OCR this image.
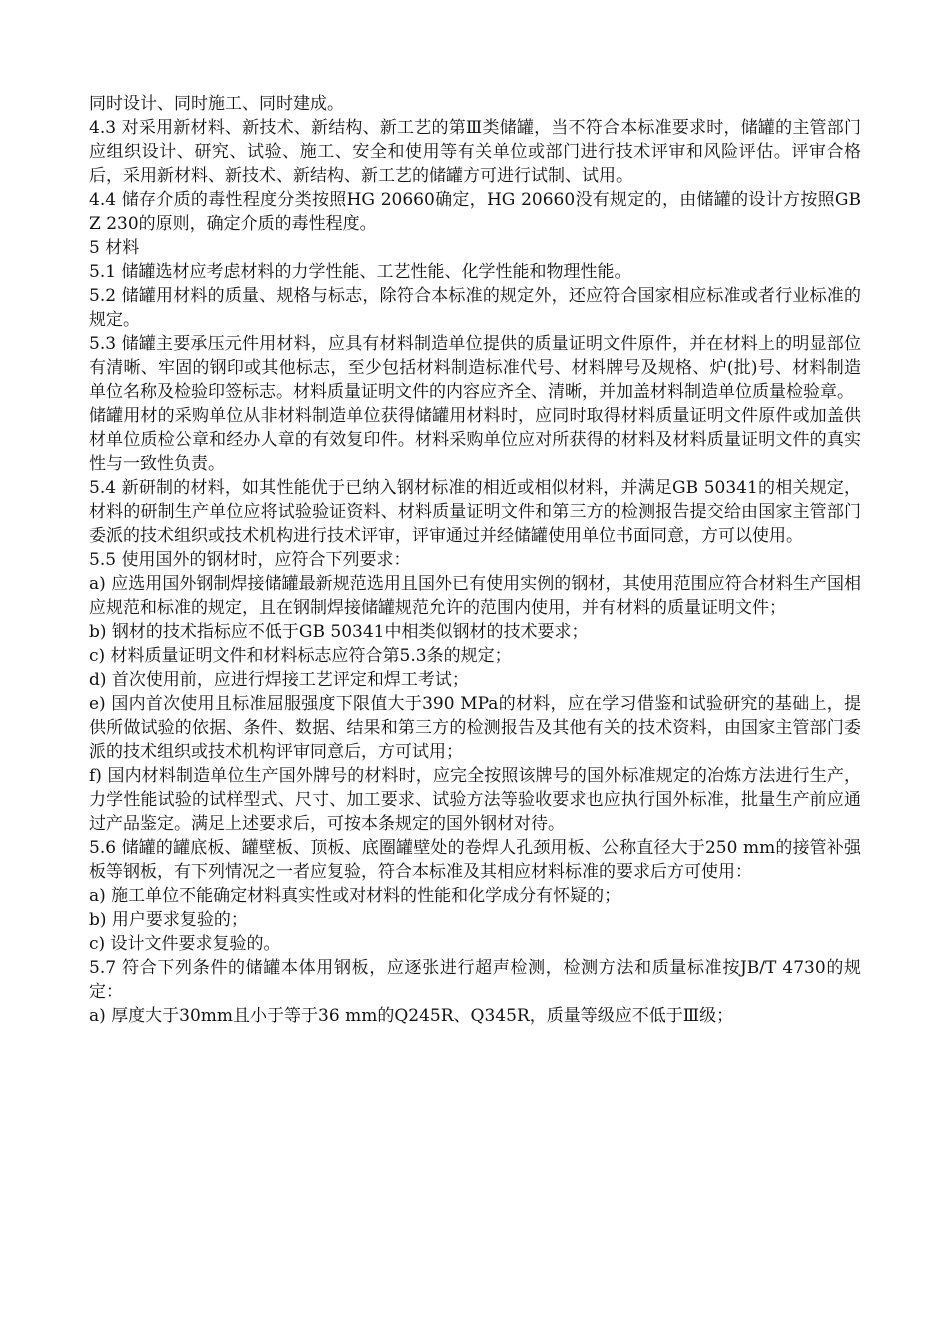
同时设计、同时施工、同时建成。

4.3 对采用新材料、新技术、新结构、新工艺的第Ⅲ类储罐，当不符合本标准要求时，储罐的主管部门应组织设计、研究、试验、施工、安全和使用等有关单位或部门进行技术评审和风险评估。评审合格后，采用新材料、新技术、新结构、新工艺的储罐方可进行试制、试用。

4.4 储存介质的毒性程度分类按照HG 20660确定，HG 20660没有规定的，由储罐的设计方按照GBZ 230的原则，确定介质的毒性程度。

5 材料

5.1 储罐选材应考虑材料的力学性能、工艺性能、化学性能和物理性能。

5.2 储罐用材料的质量、规格与标志，除符合本标准的规定外，还应符合国家相应标准或者行业标准的规定。

5.3 储罐主要承压元件用材料，应具有材料制造单位提供的质量证明文件原件，并在材料上的明显部位有清晰、牢固的钢印或其他标志，至少包括材料制造标准代号、材料牌号及规格、炉(批)号、材料制造单位名称及检验印签标志。材料质量证明文件的内容应齐全、清晰，并加盖材料制造单位质量检验章。

储罐用材的采购单位从非材料制造单位获得储罐用材料时，应同时取得材料质量证明文件原件或加盖供材单位质检公章和经办人章的有效复印件。材料采购单位应对所获得的材料及材料质量证明文件的真实性与一致性负责。

5.4 新研制的材料，如其性能优于已纳入钢材标准的相近或相似材料，并满足GB 50341的相关规定，材料的研制生产单位应将试验验证资料、材料质量证明文件和第三方的检测报告提交给由国家主管部门委派的技术组织或技术机构进行技术评审，评审通过并经储罐使用单位书面同意，方可以使用。

5.5 使用国外的钢材时，应符合下列要求：

a) 应选用国外钢制焊接储罐最新规范选用且国外已有使用实例的钢材，其使用范围应符合材料生产国相应规范和标准的规定，且在钢制焊接储罐规范允许的范围内使用，并有材料的质量证明文件；

b) 钢材的技术指标应不低于GB 50341中相类似钢材的技术要求；

c) 材料质量证明文件和材料标志应符合第5.3条的规定；

d) 首次使用前，应进行焊接工艺评定和焊工考试；

e) 国内首次使用且标准屈服强度下限值大于390 MPa的材料，应在学习借鉴和试验研究的基础上，提供所做试验的依据、条件、数据、结果和第三方的检测报告及其他有关的技术资料，由国家主管部门委派的技术组织或技术机构评审同意后，方可试用；

f) 国内材料制造单位生产国外牌号的材料时，应完全按照该牌号的国外标准规定的冶炼方法进行生产，力学性能试验的试样型式、尺寸、加工要求、试验方法等验收要求也应执行国外标准，批量生产前应通过产品鉴定。满足上述要求后，可按本条规定的国外钢材对待。

5.6 储罐的罐底板、罐壁板、顶板、底圈罐壁处的卷焊人孔颈用板、公称直径大于250 mm的接管补强板等钢板，有下列情况之一者应复验，符合本标准及其相应材料标准的要求后方可使用：

a) 施工单位不能确定材料真实性或对材料的性能和化学成分有怀疑的；

b) 用户要求复验的；

c) 设计文件要求复验的。

5.7 符合下列条件的储罐本体用钢板，应逐张进行超声检测，检测方法和质量标准按JB/T 4730的规定：

a) 厚度大于30mm且小于等于36 mm的Q245R、Q345R，质量等级应不低于Ⅲ级；
